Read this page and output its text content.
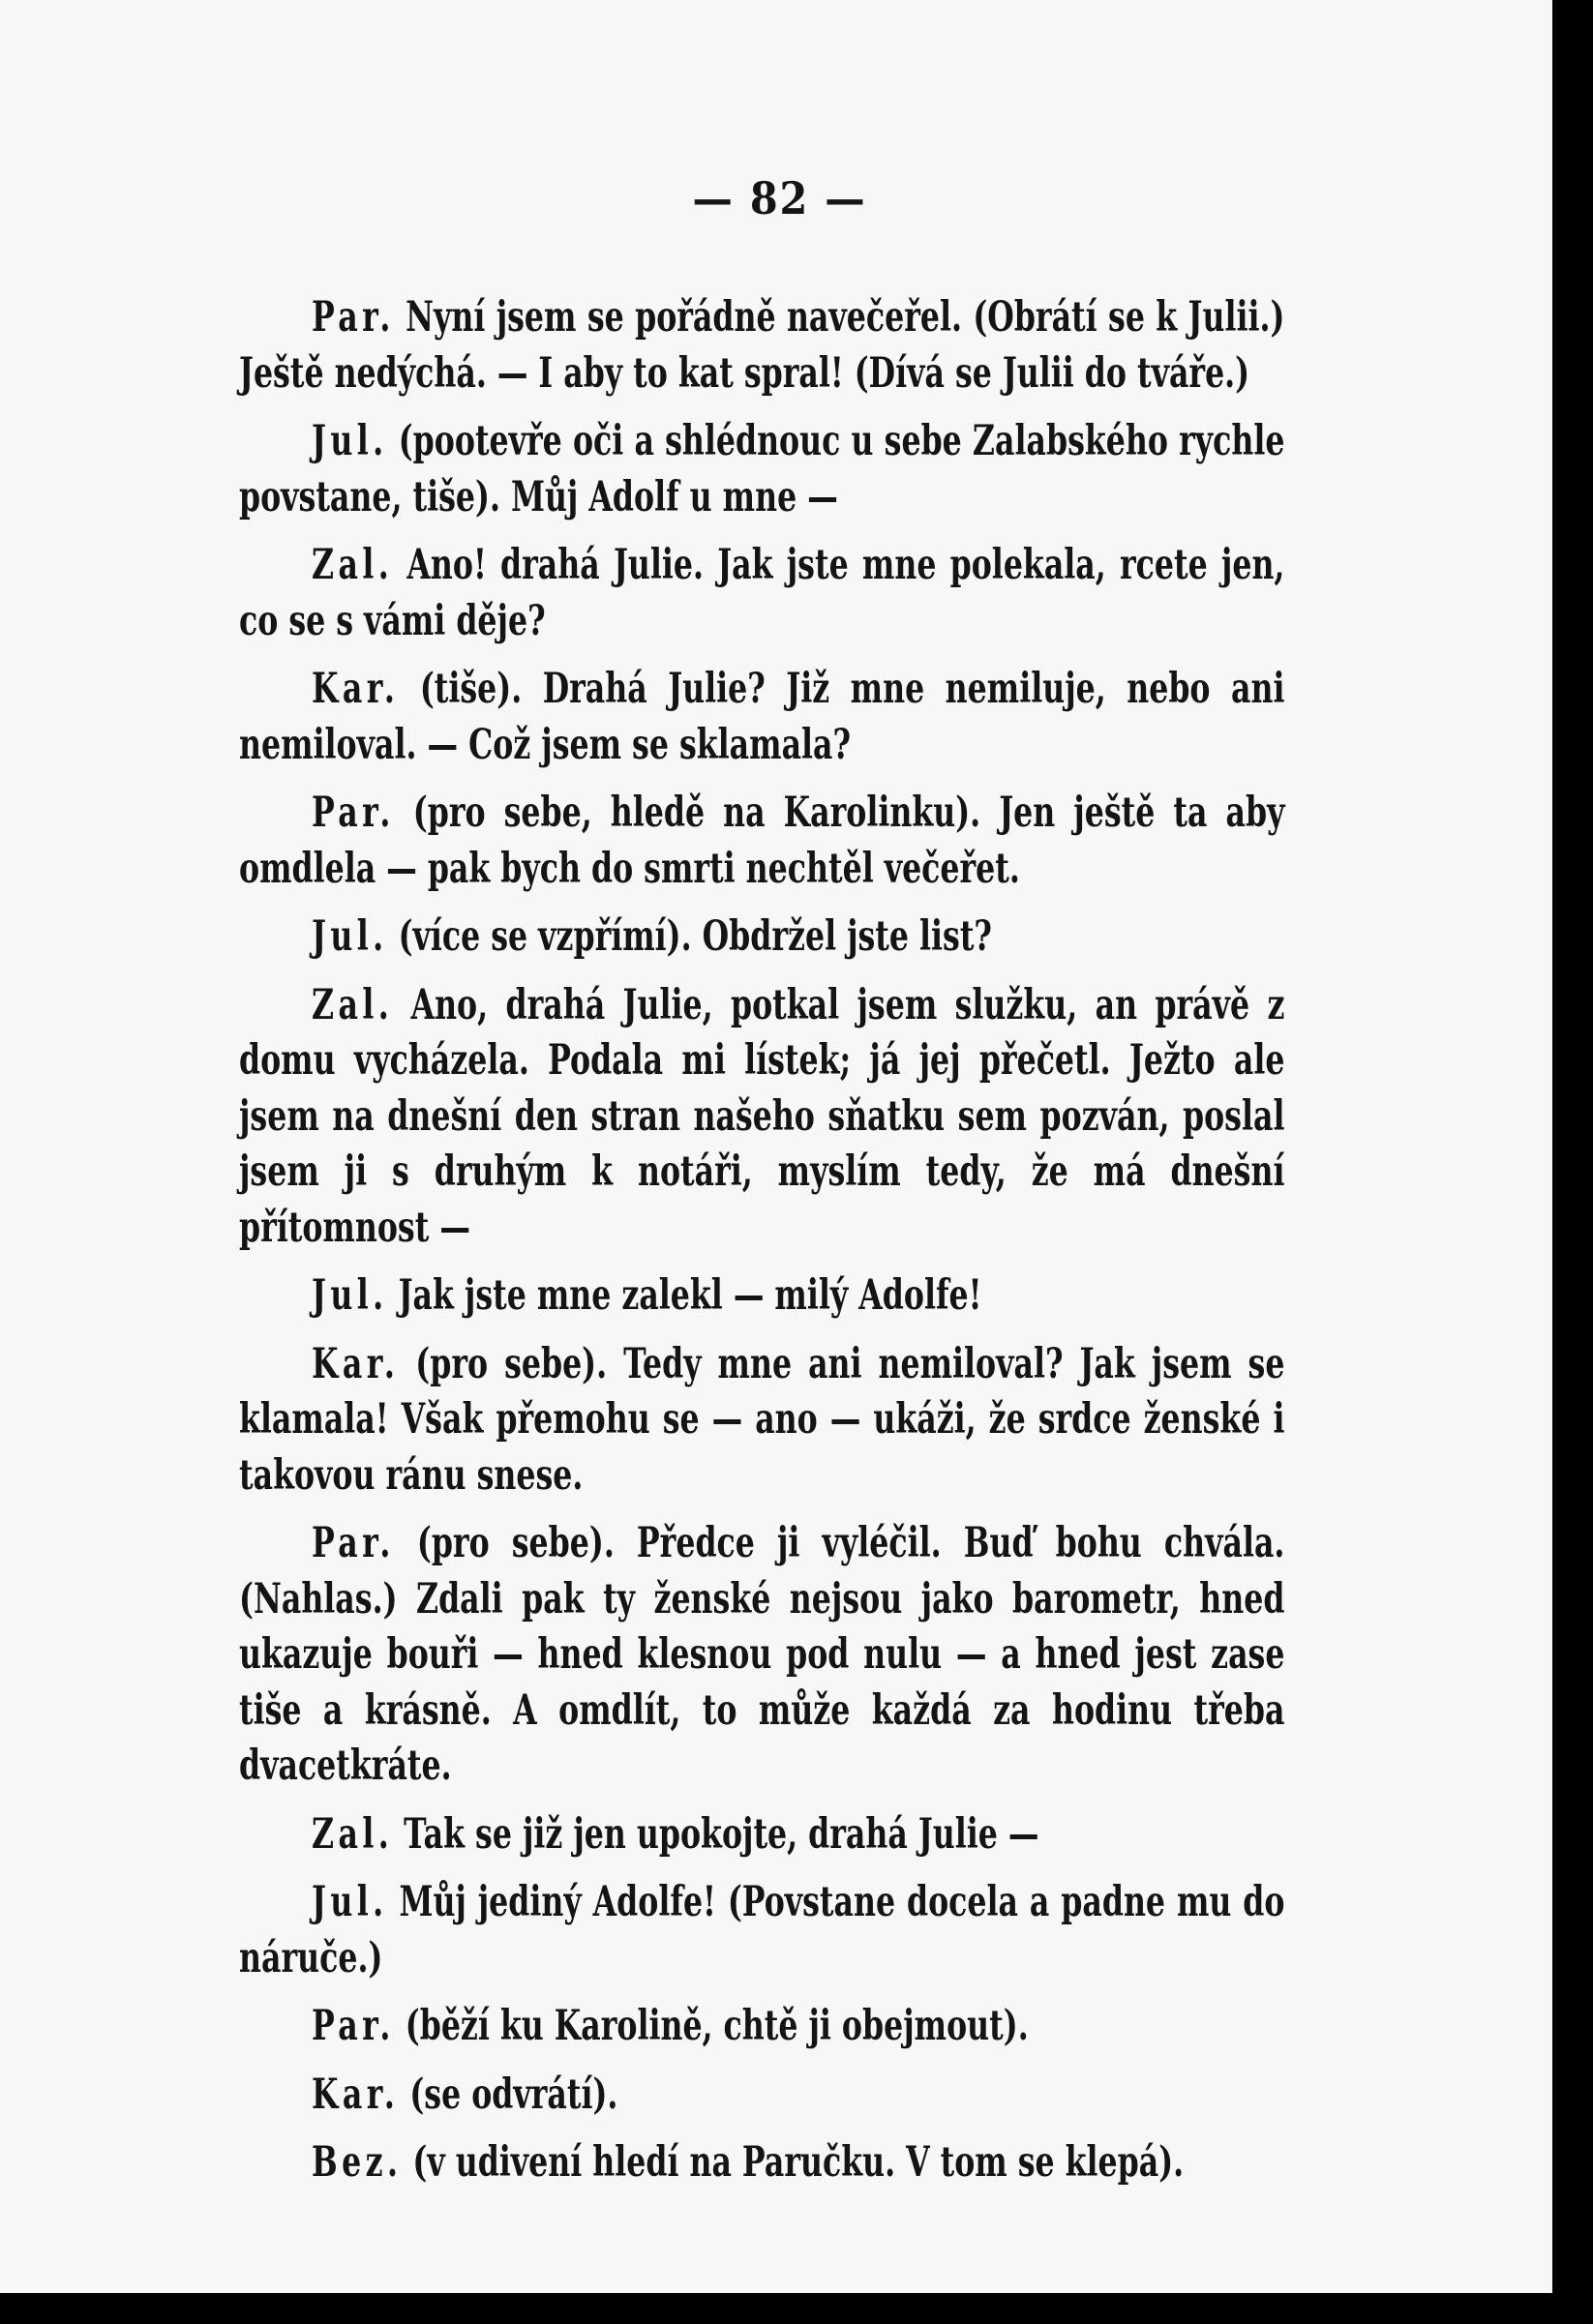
— 82 —

Par. Nyní jsem se pořádně navečeřel. (Obrátí se k Julii.) Ještě nedýchá. — I aby to kat spral! (Dívá se Julii do tváře.)

Jul. (pootevře oči a shlédnouc u sebe Zalabského rychle povstane, tiše). Můj Adolf u mne —

Zal. Ano! drahá Julie. Jak jste mne polekala, rcete jen, co se s vámi děje?

Kar. (tiše). Drahá Julie? Již mne nemiluje, nebo ani nemiloval. — Což jsem se sklamala?

Par. (pro sebe, hledě na Karolinku). Jen ještě ta aby omdlela — pak bych do smrti nechtěl večeřet.

Jul. (více se vzpřímí). Obdržel jste list?

Zal. Ano, drahá Julie, potkal jsem služku, an právě z domu vycházela. Podala mi lístek; já jej přečetl. Ježto ale jsem na dnešní den stran našeho sňatku sem pozván, poslal jsem ji s druhým k notáři, myslím tedy, že má dnešní přítomnost —

Jul. Jak jste mne zalekl — milý Adolfe!

Kar. (pro sebe). Tedy mne ani nemiloval? Jak jsem se klamala! Však přemohu se — ano — ukáži, že srdce ženské i takovou ránu snese.

Par. (pro sebe). Předce ji vyléčil. Buď bohu chvála. (Nahlas.) Zdali pak ty ženské nejsou jako barometr, hned ukazuje bouři — hned klesnou pod nulu — a hned jest zase tiše a krásně. A omdlít, to může každá za hodinu třeba dvacetkráte.

Zal. Tak se již jen upokojte, drahá Julie —

Jul. Můj jediný Adolfe! (Povstane docela a padne mu do náruče.)

Par. (běží ku Karolině, chtě ji obejmout).

Kar. (se odvrátí).

Bez. (v udivení hledí na Paručku. V tom se klepá).
